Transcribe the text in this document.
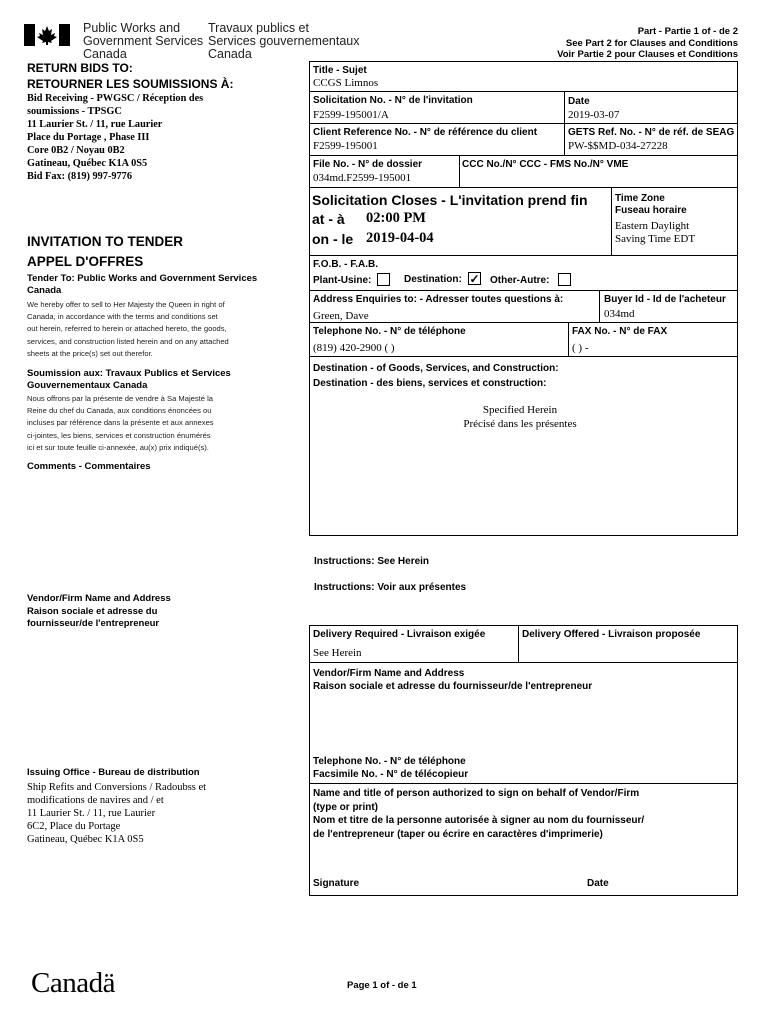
Public Works and
Government Services
Canada
Travaux publics et
Services gouvernementaux
Canada
Part - Partie 1 of - de 2
See Part 2 for Clauses and Conditions
Voir Partie 2 pour Clauses et Conditions
RETURN BIDS TO:
RETOURNER LES SOUMISSIONS À:
Bid Receiving - PWGSC / Réception des
soumissions - TPSGC
11 Laurier St. / 11, rue Laurier
Place du Portage , Phase III
Core 0B2 / Noyau 0B2
Gatineau, Québec K1A 0S5
Bid Fax: (819) 997-9776
INVITATION TO TENDER
APPEL D'OFFRES
Tender To: Public Works and Government Services Canada
We hereby offer to sell to Her Majesty the Queen in right of
Canada, in accordance with the terms and conditions set
out herein, referred to herein or attached hereto, the goods,
services, and construction listed herein and on any attached
sheets at the price(s) set out therefor.
Soumission aux: Travaux Publics et Services Gouvernementaux Canada
Nous offrons par la présente de vendre à Sa Majesté la
Reine du chef du Canada, aux conditions énoncées ou
incluses par référence dans la présente et aux annexes
ci-jointes, les biens, services et construction énumérés
ici et sur toute feuille ci-annexée, au(x) prix indiqué(s).
Comments - Commentaires
Vendor/Firm Name and Address
Raison sociale et adresse du
fournisseur/de l'entrepreneur
Issuing Office - Bureau de distribution
Ship Refits and Conversions / Radoubss et
modifications de navires and / et
11 Laurier St. / 11, rue Laurier
6C2, Place du Portage
Gatineau, Québec K1A 0S5
Title - Sujet
CCGS Limnos
Solicitation No. - N° de l'invitation
F2599-195001/A
Date
2019-03-07
Client Reference No. - N° de référence du client
F2599-195001
GETS Ref. No. - N° de réf. de SEAG
PW-$$MD-034-27228
File No. - N° de dossier
034md.F2599-195001
CCC No./N° CCC - FMS No./N° VME
Solicitation Closes - L'invitation prend fin
at - à 02:00 PM
on - le 2019-04-04
Time Zone
Fuseau horaire
Eastern Daylight
Saving Time EDT
F.O.B. - F.A.B.
Plant-Usine:	Destination: ✓ Other-Autre:
Address Enquiries to: - Adresser toutes questions à:
Green, Dave
Buyer Id - Id de l'acheteur
034md
Telephone No. - N° de téléphone
(819) 420-2900 ( )
FAX No. - N° de FAX
( ) -
Destination - of Goods, Services, and Construction:
Destination - des biens, services et construction:
Specified Herein
Précisé dans les présentes
Instructions: See Herein
Instructions: Voir aux présentes
Delivery Required - Livraison exigée
See Herein
Delivery Offered - Livraison proposée
Vendor/Firm Name and Address
Raison sociale et adresse du fournisseur/de l'entrepreneur
Telephone No. - N° de téléphone
Facsimile No. - N° de télécopieur
Name and title of person authorized to sign on behalf of Vendor/Firm
(type or print)
Nom et titre de la personne autorisée à signer au nom du fournisseur/
de l'entrepreneur (taper ou écrire en caractères d'imprimerie)
Signature	Date
Canadä	Page 1 of - de 1
